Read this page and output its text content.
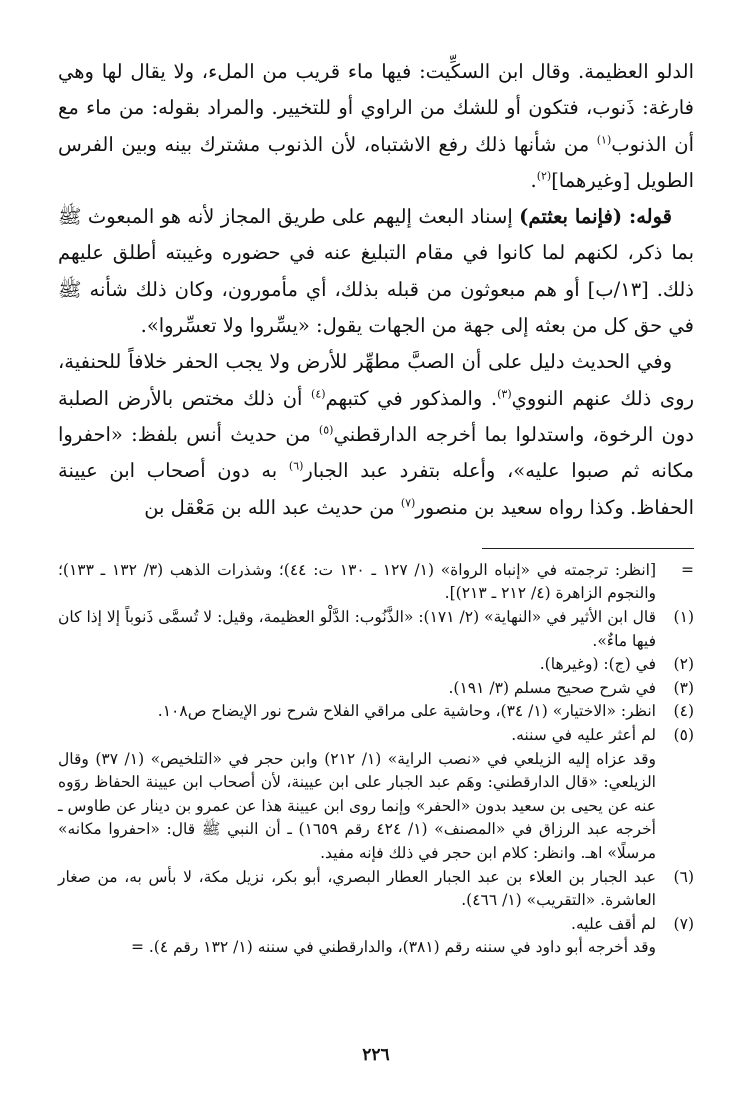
الدلو العظيمة. وقال ابن السكِّيت: فيها ماء قريب من الملء، ولا يقال لها وهي فارغة: ذَنوب، فتكون أو للشك من الراوي أو للتخيير. والمراد بقوله: من ماء مع أن الذنوب$^{(١)}$ من شأنها ذلك رفع الاشتباه، لأن الذنوب مشترك بينه وبين الفرس الطويل [وغيرهما]$^{(٢)}$.

قوله: (فإنما بعثتم) إسناد البعث إليهم على طريق المجاز لأنه هو المبعوث ﷺ بما ذكر، لكنهم لما كانوا في مقام التبليغ عنه في حضوره وغيبته أطلق عليهم ذلك. [١٣/ب] أو هم مبعوثون من قبله بذلك، أي مأمورون، وكان ذلك شأنه ﷺ في حق كل من بعثه إلى جهة من الجهات يقول: «يسِّروا ولا تعسِّروا».

وفي الحديث دليل على أن الصبَّ مطهِّر للأرض ولا يجب الحفر خلافاً للحنفية، روى ذلك عنهم النووي$^{(٣)}$. والمذكور في كتبهم$^{(٤)}$ أن ذلك مختص بالأرض الصلبة دون الرخوة، واستدلوا بما أخرجه الدارقطني$^{(٥)}$ من حديث أنس بلفظ: «احفروا مكانه ثم صبوا عليه»، وأعله بتفرد عبد الجبار$^{(٦)}$ به دون أصحاب ابن عيينة الحفاظ. وكذا رواه سعيد بن منصور$^{(٧)}$ من حديث عبد الله بن مَعْقل بن

=
[انظر: ترجمته في «إنباه الرواة» (١/ ١٢٧ ـ ١٣٠ ت: ٤٤)؛ وشذرات الذهب (٣/ ١٣٢ ـ ١٣٣)؛ والنجوم الزاهرة (٤/ ٢١٢ ـ ٢١٣)].
(١)
قال ابن الأثير في «النهاية» (٢/ ١٧١): «الذَّنُوب: الدَّلْو العظيمة، وقيل: لا تُسمَّى ذَنوباً إلا إذا كان فيها ماءٌ».
(٢)
في (ج): (وغيرها).
(٣)
في شرح صحيح مسلم (٣/ ١٩١).
(٤)
انظر: «الاختيار» (١/ ٣٤)، وحاشية على مراقي الفلاح شرح نور الإيضاح ص١٠٨.
(٥)
لم أعثر عليه في سننه.
وقد عزاه إليه الزيلعي في «نصب الراية» (١/ ٢١٢) وابن حجر في «التلخيص» (١/ ٣٧) وقال الزيلعي: «قال الدارقطني: وهَم عبد الجبار على ابن عيينة، لأن أصحاب ابن عيينة الحفاظ روَوه عنه عن يحيى بن سعيد بدون «الحفر» وإنما روى ابن عيينة هذا عن عمرو بن دينار عن طاوس ـ أخرجه عبد الرزاق في «المصنف» (١/ ٤٢٤ رقم ١٦٥٩) ـ أن النبي ﷺ قال: «احفروا مكانه» مرسلًا» اهـ. وانظر: كلام ابن حجر في ذلك فإنه مفيد.
(٦)
عبد الجبار بن العلاء بن عبد الجبار العطار البصري، أبو بكر، نزيل مكة، لا بأس به، من صغار العاشرة. «التقريب» (١/ ٤٦٦).
(٧)
لم أقف عليه.
وقد أخرجه أبو داود في سننه رقم (٣٨١)، والدارقطني في سننه (١/ ١٣٢ رقم ٤). =
٢٢٦
